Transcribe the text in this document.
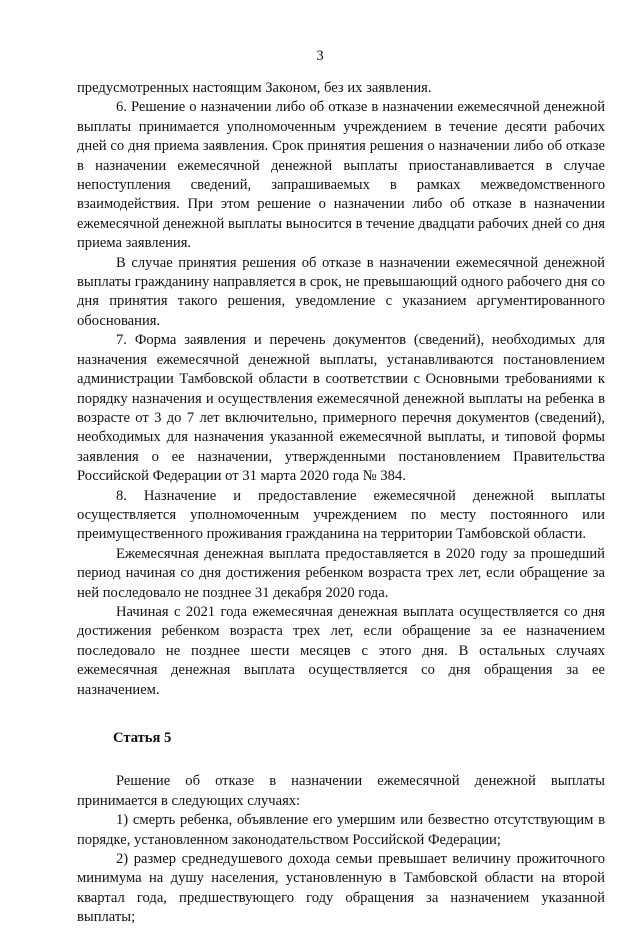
3

предусмотренных настоящим Законом, без их заявления.

6. Решение о назначении либо об отказе в назначении ежемесячной денежной выплаты принимается уполномоченным учреждением в течение десяти рабочих дней со дня приема заявления. Срок принятия решения о назначении либо об отказе в назначении ежемесячной денежной выплаты приостанавливается в случае непоступления сведений, запрашиваемых в рамках межведомственного взаимодействия. При этом решение о назначении либо об отказе в назначении ежемесячной денежной выплаты выносится в течение двадцати рабочих дней со дня приема заявления.

В случае принятия решения об отказе в назначении ежемесячной денежной выплаты гражданину направляется в срок, не превышающий одного рабочего дня со дня принятия такого решения, уведомление с указанием аргументированного обоснования.

7. Форма заявления и перечень документов (сведений), необходимых для назначения ежемесячной денежной выплаты, устанавливаются постановлением администрации Тамбовской области в соответствии с Основными требованиями к порядку назначения и осуществления ежемесячной денежной выплаты на ребенка в возрасте от 3 до 7 лет включительно, примерного перечня документов (сведений), необходимых для назначения указанной ежемесячной выплаты, и типовой формы заявления о ее назначении, утвержденными постановлением Правительства Российской Федерации от 31 марта 2020 года № 384.

8. Назначение и предоставление ежемесячной денежной выплаты осуществляется уполномоченным учреждением по месту постоянного или преимущественного проживания гражданина на территории Тамбовской области.

Ежемесячная денежная выплата предоставляется в 2020 году за прошедший период начиная со дня достижения ребенком возраста трех лет, если обращение за ней последовало не позднее 31 декабря 2020 года.

Начиная с 2021 года ежемесячная денежная выплата осуществляется со дня достижения ребенком возраста трех лет, если обращение за ее назначением последовало не позднее шести месяцев с этого дня. В остальных случаях ежемесячная денежная выплата осуществляется со дня обращения за ее назначением.

Статья 5

Решение об отказе в назначении ежемесячной денежной выплаты принимается в следующих случаях:

1) смерть ребенка, объявление его умершим или безвестно отсутствующим в порядке, установленном законодательством Российской Федерации;

2) размер среднедушевого дохода семьи превышает величину прожиточного минимума на душу населения, установленную в Тамбовской области на второй квартал года, предшествующего году обращения за назначением указанной выплаты;
